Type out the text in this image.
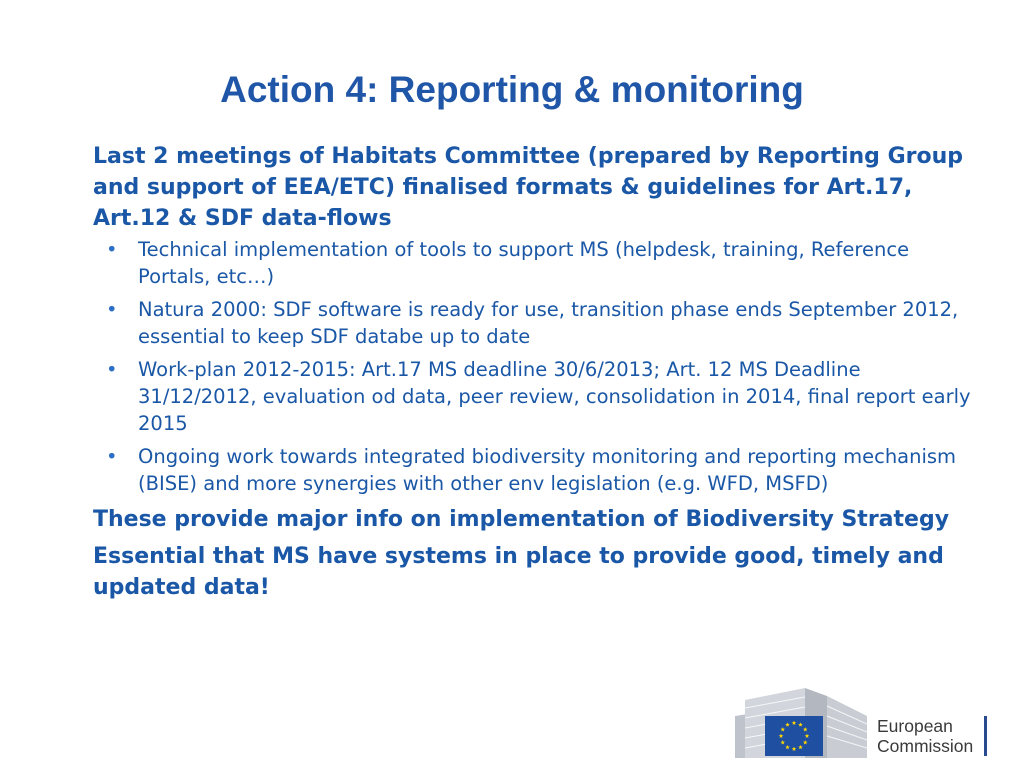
Action 4: Reporting & monitoring

Last 2 meetings of Habitats Committee (prepared by Reporting Group and support of EEA/ETC) finalised formats & guidelines for Art.17, Art.12 & SDF data-flows

• Technical implementation of tools to support MS (helpdesk, training, Reference Portals, etc…)
• Natura 2000: SDF software is ready for use, transition phase ends September 2012, essential to keep SDF databe up to date
• Work-plan 2012-2015: Art.17 MS deadline 30/6/2013; Art. 12 MS Deadline 31/12/2012, evaluation od data, peer review, consolidation in 2014, final report early 2015
• Ongoing work towards integrated biodiversity monitoring and reporting mechanism (BISE) and more synergies with other env legislation (e.g. WFD, MSFD)

These provide major info on implementation of Biodiversity Strategy

Essential that MS have systems in place to provide good, timely and updated data!

European
Commission
